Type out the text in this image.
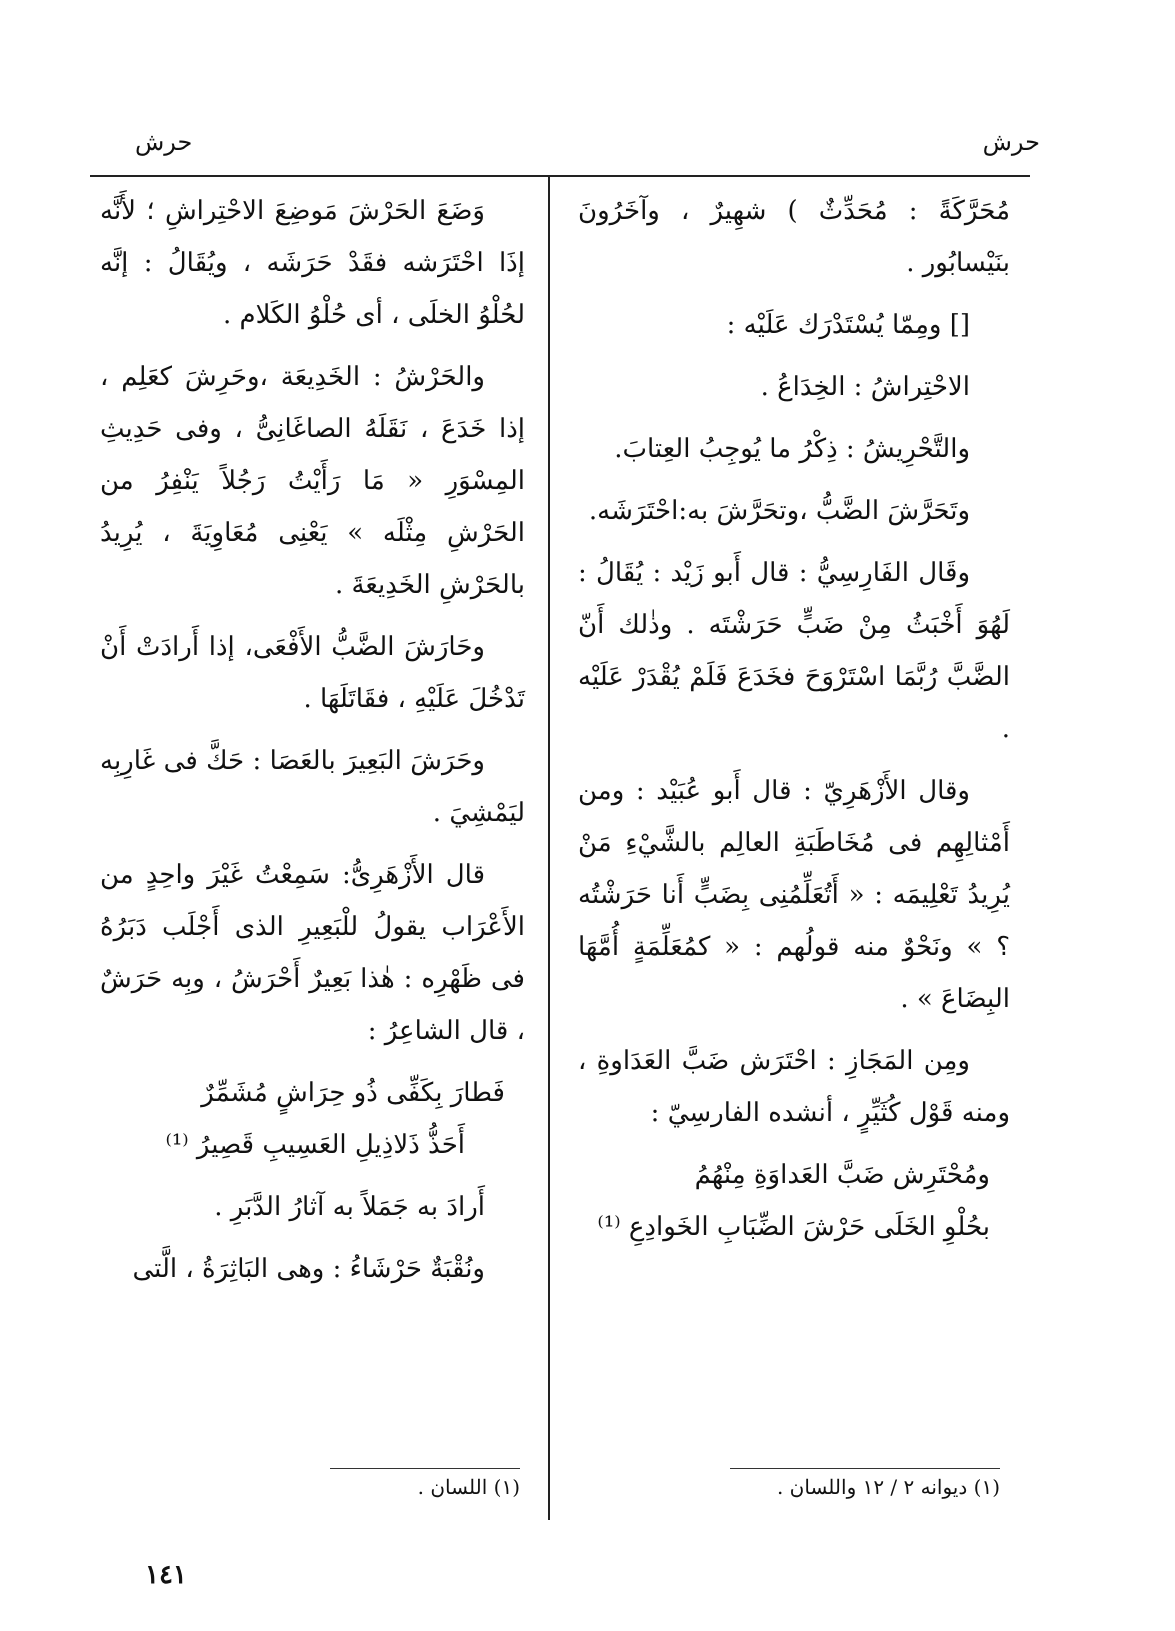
حرش
حرش

مُحَرَّكَةً : مُحَدِّثٌ ) شهِيرٌ ، وآخَرُونَ بنَيْسابُور .

[] ومِمّا يُسْتَدْرَك عَلَيْه :

الاحْتِراشُ : الخِدَاعُ .

والتَّحْرِيشُ : ذِكْرُ ما يُوجِبُ العِتابَ.

وتَحَرَّشَ الضَّبُّ ،وتحَرَّشَ به:احْتَرَشَه.

وقَال الفَارِسِيُّ : قال أَبو زَيْد : يُقَالُ : لَهُوَ أَخْبَثُ مِنْ ضَبٍّ حَرَشْتَه . وذٰلك أَنّ الضَّبَّ رُبَّمَا اسْتَرْوَحَ فخَدَعَ فَلَمْ يُقْدَرْ عَلَيْه .

وقال الأَزْهَرِيّ : قال أَبو عُبَيْد : ومن أَمْثالِهِم فى مُخَاطَبَةِ العالِم بالشَّيْءِ مَنْ يُرِيدُ تَعْلِيمَه : « أَتُعَلِّمُنِى بِضَبٍّ أَنا حَرَشْتُه ؟ » ونَحْوٌ منه قولُهم : « كمُعَلِّمَةٍ أُمَّهَا البِضَاعَ » .

ومِن المَجَازِ : احْتَرَش ضَبَّ العَدَاوةِ ، ومنه قَوْل كُثَيِّرٍ ، أنشده الفارسِيّ :

ومُحْتَرِش ضَبَّ العَداوَةِ مِنْهُمُ

بحُلْوِ الخَلَى حَرْشَ الضِّبَابِ الخَوادِعِ ⁽¹⁾

وَضَعَ الحَرْشَ مَوضِعَ الاحْتِراشِ ؛ لأَنَّه إذَا احْتَرَشه فقَدْ حَرَشَه ، ويُقَالُ : إنَّه لحُلْوُ الخلَى ، أى حُلْوُ الكَلام .

والحَرْشُ : الخَدِيعَة ،وحَرِشَ كعَلِم ، إذا خَدَعَ ، نَقَلَهُ الصاغَانِىُّ ، وفى حَدِيثِ المِسْوَرِ « مَا رَأَيْتُ رَجُلاً يَنْفِرُ من الحَرْشِ مِثْلَه » يَعْنِى مُعَاوِيَةَ ، يُرِيدُ بالحَرْشِ الخَدِيعَةَ .

وحَارَشَ الضَّبُّ الأَفْعَى، إذا أَرادَتْ أَنْ تَدْخُلَ عَلَيْهِ ، فقَاتَلَهَا .

وحَرَشَ البَعِيرَ بالعَصَا : حَكَّ فى غَارِبِه ليَمْشِيَ .

قال الأَزْهَرِىُّ: سَمِعْتُ غَيْرَ واحِدٍ من الأَعْرَاب يقولُ للْبَعِيرِ الذى أَجْلَب دَبَرُهُ فى ظَهْرِه : هٰذا بَعِيرٌ أَحْرَشُ ، وبِه حَرَشٌ ، قال الشاعِرُ :

فَطارَ بِكَفِّى ذُو حِرَاشٍ مُشَمِّرٌ

أَحَذُّ ذَلاذِيلِ العَسِيبِ قَصِيرُ ⁽¹⁾

أَرادَ به جَمَلاً به آثارُ الدَّبَرِ .

ونُقْبَةٌ حَرْشَاءُ : وهى البَاثِرَةُ ، الَّتى

(١) ديوانه ٢ / ١٢ واللسان .
(١) اللسان .
١٤١
